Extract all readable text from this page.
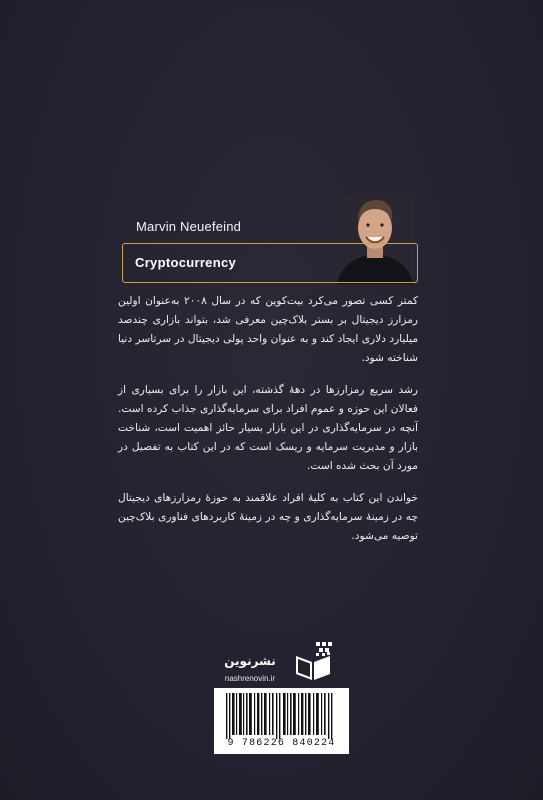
Marvin Neuefeind
Cryptocurrency

کمتر کسی تصور می‌کرد بیت‌کوین که در سال ۲۰۰۸ به‌عنوان اولین رمزارز دیجیتال بر بستر بلاک‌چین معرفی شد، بتواند بازاری چندصد میلیارد دلاری ایجاد کند و به عنوان واحد پولی دیجیتال در سرتاسر دنیا شناخته شود.

رشد سریع رمزارزها در دهۀ گذشته، این بازار را برای بسیاری از فعالان این حوزه و عموم افراد برای سرمایه‌گذاری جذاب کرده است. آنچه در سرمایه‌گذاری در این بازار بسیار حائز اهمیت است، شناخت بازار و مدیریت سرمایه و ریسک است که در این کتاب به تفصیل در مورد آن بحث شده است.

خواندن این کتاب به کلیۀ افراد علاقمند به حوزۀ رمزارزهای دیجیتال چه در زمینۀ سرمایه‌گذاری و چه در زمینۀ کاربردهای فناوری بلاک‌چین توصیه می‌شود.

نشرنوین
nashrenovin.ir
9 786226 840224
